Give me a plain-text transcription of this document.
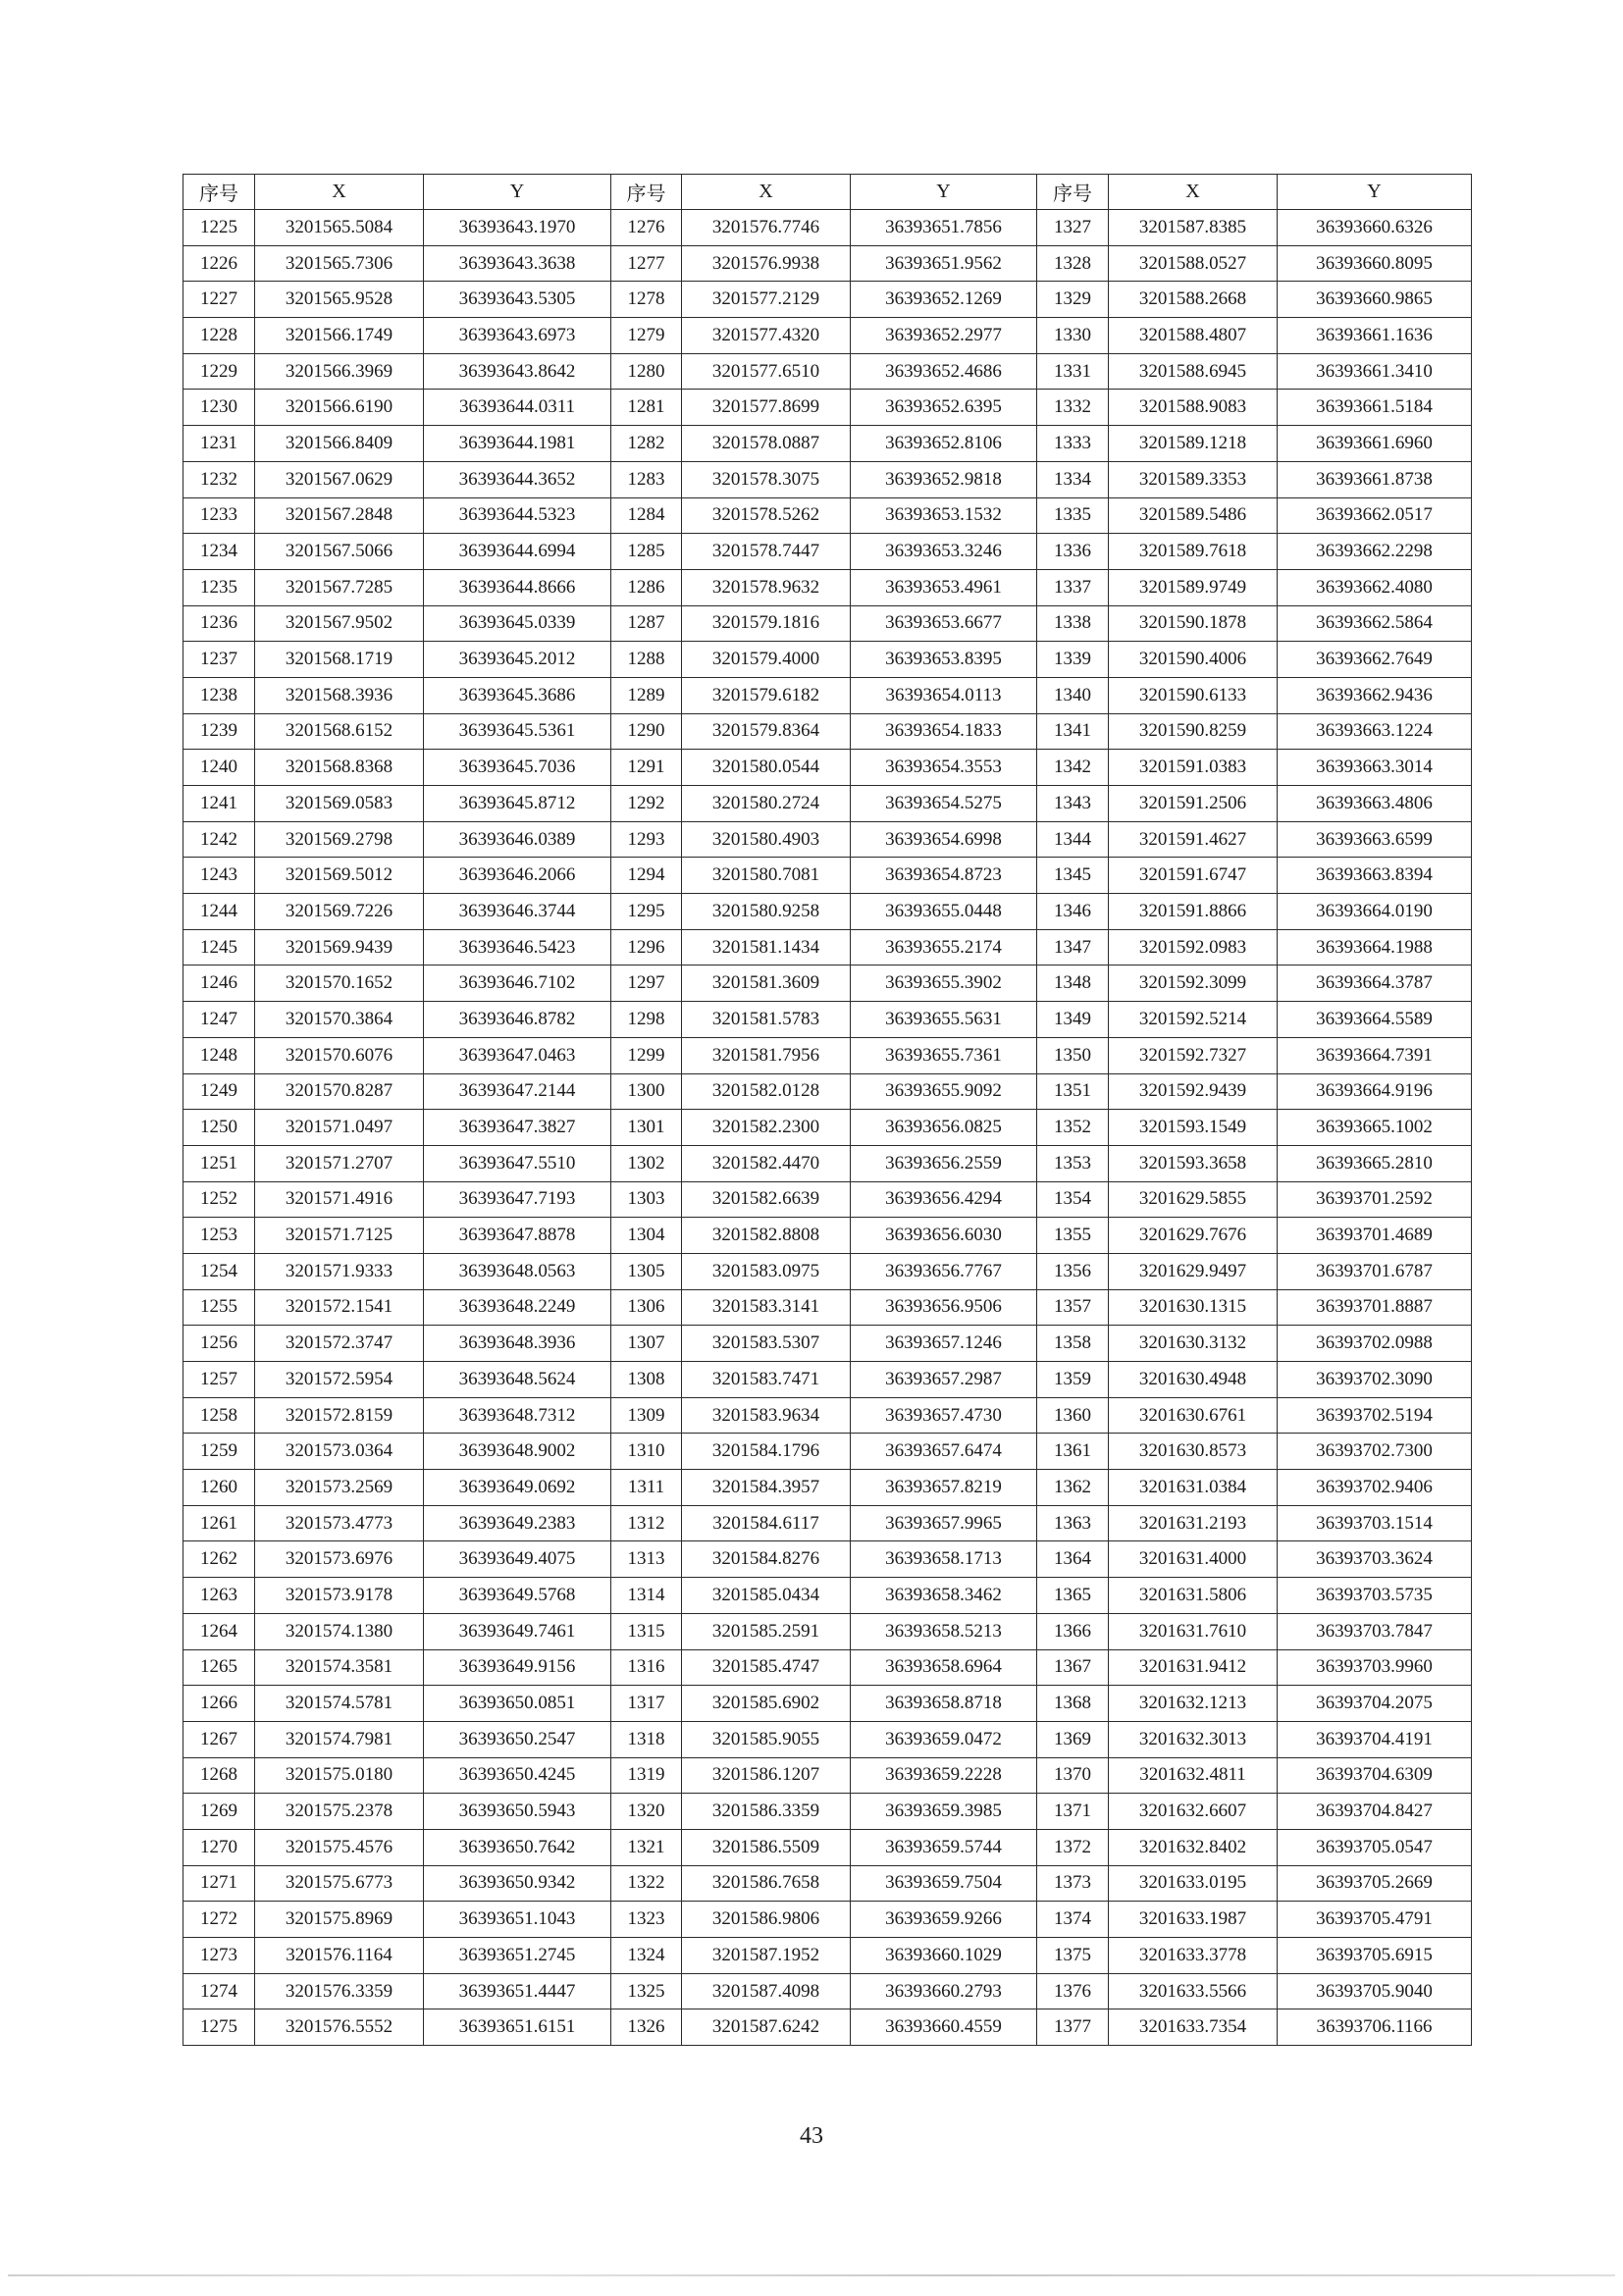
序号	X	Y	序号	X	Y	序号	X	Y
1225	3201565.5084	36393643.1970	1276	3201576.7746	36393651.7856	1327	3201587.8385	36393660.6326
1226	3201565.7306	36393643.3638	1277	3201576.9938	36393651.9562	1328	3201588.0527	36393660.8095
1227	3201565.9528	36393643.5305	1278	3201577.2129	36393652.1269	1329	3201588.2668	36393660.9865
1228	3201566.1749	36393643.6973	1279	3201577.4320	36393652.2977	1330	3201588.4807	36393661.1636
1229	3201566.3969	36393643.8642	1280	3201577.6510	36393652.4686	1331	3201588.6945	36393661.3410
1230	3201566.6190	36393644.0311	1281	3201577.8699	36393652.6395	1332	3201588.9083	36393661.5184
1231	3201566.8409	36393644.1981	1282	3201578.0887	36393652.8106	1333	3201589.1218	36393661.6960
1232	3201567.0629	36393644.3652	1283	3201578.3075	36393652.9818	1334	3201589.3353	36393661.8738
1233	3201567.2848	36393644.5323	1284	3201578.5262	36393653.1532	1335	3201589.5486	36393662.0517
1234	3201567.5066	36393644.6994	1285	3201578.7447	36393653.3246	1336	3201589.7618	36393662.2298
1235	3201567.7285	36393644.8666	1286	3201578.9632	36393653.4961	1337	3201589.9749	36393662.4080
1236	3201567.9502	36393645.0339	1287	3201579.1816	36393653.6677	1338	3201590.1878	36393662.5864
1237	3201568.1719	36393645.2012	1288	3201579.4000	36393653.8395	1339	3201590.4006	36393662.7649
1238	3201568.3936	36393645.3686	1289	3201579.6182	36393654.0113	1340	3201590.6133	36393662.9436
1239	3201568.6152	36393645.5361	1290	3201579.8364	36393654.1833	1341	3201590.8259	36393663.1224
1240	3201568.8368	36393645.7036	1291	3201580.0544	36393654.3553	1342	3201591.0383	36393663.3014
1241	3201569.0583	36393645.8712	1292	3201580.2724	36393654.5275	1343	3201591.2506	36393663.4806
1242	3201569.2798	36393646.0389	1293	3201580.4903	36393654.6998	1344	3201591.4627	36393663.6599
1243	3201569.5012	36393646.2066	1294	3201580.7081	36393654.8723	1345	3201591.6747	36393663.8394
1244	3201569.7226	36393646.3744	1295	3201580.9258	36393655.0448	1346	3201591.8866	36393664.0190
1245	3201569.9439	36393646.5423	1296	3201581.1434	36393655.2174	1347	3201592.0983	36393664.1988
1246	3201570.1652	36393646.7102	1297	3201581.3609	36393655.3902	1348	3201592.3099	36393664.3787
1247	3201570.3864	36393646.8782	1298	3201581.5783	36393655.5631	1349	3201592.5214	36393664.5589
1248	3201570.6076	36393647.0463	1299	3201581.7956	36393655.7361	1350	3201592.7327	36393664.7391
1249	3201570.8287	36393647.2144	1300	3201582.0128	36393655.9092	1351	3201592.9439	36393664.9196
1250	3201571.0497	36393647.3827	1301	3201582.2300	36393656.0825	1352	3201593.1549	36393665.1002
1251	3201571.2707	36393647.5510	1302	3201582.4470	36393656.2559	1353	3201593.3658	36393665.2810
1252	3201571.4916	36393647.7193	1303	3201582.6639	36393656.4294	1354	3201629.5855	36393701.2592
1253	3201571.7125	36393647.8878	1304	3201582.8808	36393656.6030	1355	3201629.7676	36393701.4689
1254	3201571.9333	36393648.0563	1305	3201583.0975	36393656.7767	1356	3201629.9497	36393701.6787
1255	3201572.1541	36393648.2249	1306	3201583.3141	36393656.9506	1357	3201630.1315	36393701.8887
1256	3201572.3747	36393648.3936	1307	3201583.5307	36393657.1246	1358	3201630.3132	36393702.0988
1257	3201572.5954	36393648.5624	1308	3201583.7471	36393657.2987	1359	3201630.4948	36393702.3090
1258	3201572.8159	36393648.7312	1309	3201583.9634	36393657.4730	1360	3201630.6761	36393702.5194
1259	3201573.0364	36393648.9002	1310	3201584.1796	36393657.6474	1361	3201630.8573	36393702.7300
1260	3201573.2569	36393649.0692	1311	3201584.3957	36393657.8219	1362	3201631.0384	36393702.9406
1261	3201573.4773	36393649.2383	1312	3201584.6117	36393657.9965	1363	3201631.2193	36393703.1514
1262	3201573.6976	36393649.4075	1313	3201584.8276	36393658.1713	1364	3201631.4000	36393703.3624
1263	3201573.9178	36393649.5768	1314	3201585.0434	36393658.3462	1365	3201631.5806	36393703.5735
1264	3201574.1380	36393649.7461	1315	3201585.2591	36393658.5213	1366	3201631.7610	36393703.7847
1265	3201574.3581	36393649.9156	1316	3201585.4747	36393658.6964	1367	3201631.9412	36393703.9960
1266	3201574.5781	36393650.0851	1317	3201585.6902	36393658.8718	1368	3201632.1213	36393704.2075
1267	3201574.7981	36393650.2547	1318	3201585.9055	36393659.0472	1369	3201632.3013	36393704.4191
1268	3201575.0180	36393650.4245	1319	3201586.1207	36393659.2228	1370	3201632.4811	36393704.6309
1269	3201575.2378	36393650.5943	1320	3201586.3359	36393659.3985	1371	3201632.6607	36393704.8427
1270	3201575.4576	36393650.7642	1321	3201586.5509	36393659.5744	1372	3201632.8402	36393705.0547
1271	3201575.6773	36393650.9342	1322	3201586.7658	36393659.7504	1373	3201633.0195	36393705.2669
1272	3201575.8969	36393651.1043	1323	3201586.9806	36393659.9266	1374	3201633.1987	36393705.4791
1273	3201576.1164	36393651.2745	1324	3201587.1952	36393660.1029	1375	3201633.3778	36393705.6915
1274	3201576.3359	36393651.4447	1325	3201587.4098	36393660.2793	1376	3201633.5566	36393705.9040
1275	3201576.5552	36393651.6151	1326	3201587.6242	36393660.4559	1377	3201633.7354	36393706.1166
43
